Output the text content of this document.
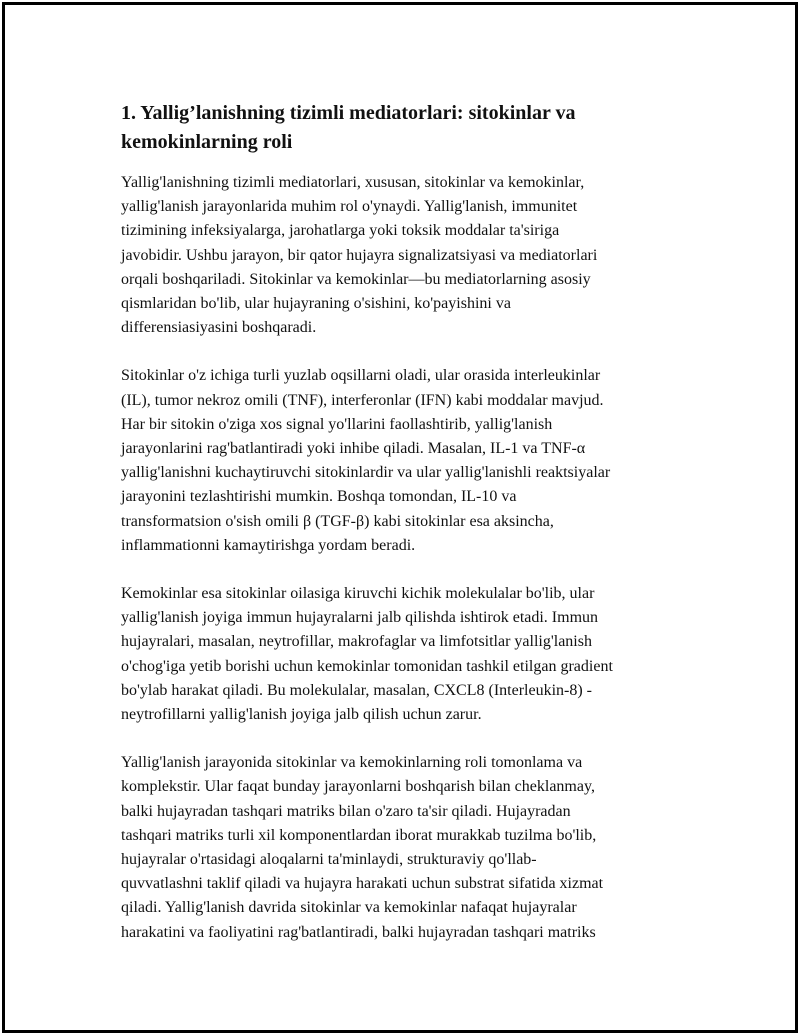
1. Yallig’lanishning tizimli mediatorlari: sitokinlar va
kemokinlarning roli

Yallig'lanishning tizimli mediatorlari, xususan, sitokinlar va kemokinlar,
yallig'lanish jarayonlarida muhim rol o'ynaydi. Yallig'lanish, immunitet
tizimining infeksiyalarga, jarohatlarga yoki toksik moddalar ta'siriga
javobidir. Ushbu jarayon, bir qator hujayra signalizatsiyasi va mediatorlari
orqali boshqariladi. Sitokinlar va kemokinlar—bu mediatorlarning asosiy
qismlaridan bo'lib, ular hujayraning o'sishini, ko'payishini va
differensiasiyasini boshqaradi.

Sitokinlar o'z ichiga turli yuzlab oqsillarni oladi, ular orasida interleukinlar
(IL), tumor nekroz omili (TNF), interferonlar (IFN) kabi moddalar mavjud.
Har bir sitokin o'ziga xos signal yo'llarini faollashtirib, yallig'lanish
jarayonlarini rag'batlantiradi yoki inhibe qiladi. Masalan, IL-1 va TNF-α
yallig'lanishni kuchaytiruvchi sitokinlardir va ular yallig'lanishli reaktsiyalar
jarayonini tezlashtirishi mumkin. Boshqa tomondan, IL-10 va
transformatsion o'sish omili β (TGF-β) kabi sitokinlar esa aksincha,
inflammationni kamaytirishga yordam beradi.

Kemokinlar esa sitokinlar oilasiga kiruvchi kichik molekulalar bo'lib, ular
yallig'lanish joyiga immun hujayralarni jalb qilishda ishtirok etadi. Immun
hujayralari, masalan, neytrofillar, makrofaglar va limfotsitlar yallig'lanish
o'chog'iga yetib borishi uchun kemokinlar tomonidan tashkil etilgan gradient
bo'ylab harakat qiladi. Bu molekulalar, masalan, CXCL8 (Interleukin-8) -
neytrofillarni yallig'lanish joyiga jalb qilish uchun zarur.

Yallig'lanish jarayonida sitokinlar va kemokinlarning roli tomonlama va
komplekstir. Ular faqat bunday jarayonlarni boshqarish bilan cheklanmay,
balki hujayradan tashqari matriks bilan o'zaro ta'sir qiladi. Hujayradan
tashqari matriks turli xil komponentlardan iborat murakkab tuzilma bo'lib,
hujayralar o'rtasidagi aloqalarni ta'minlaydi, strukturaviy qo'llab-
quvvatlashni taklif qiladi va hujayra harakati uchun substrat sifatida xizmat
qiladi. Yallig'lanish davrida sitokinlar va kemokinlar nafaqat hujayralar
harakatini va faoliyatini rag'batlantiradi, balki hujayradan tashqari matriks
